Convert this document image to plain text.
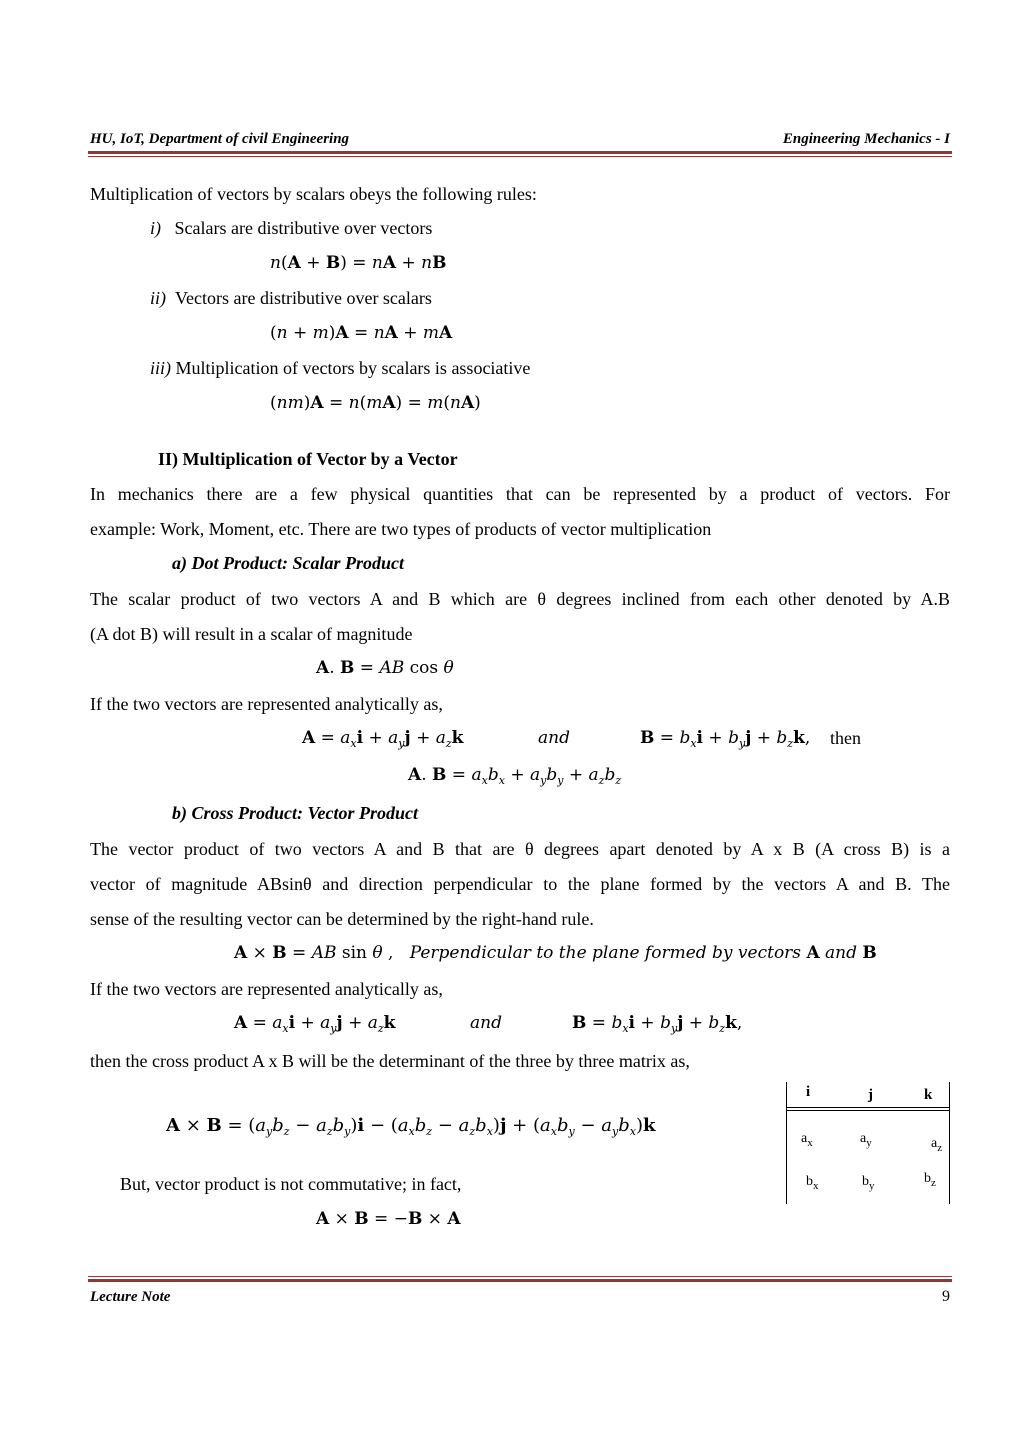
HU, IoT, Department of civil Engineering	Engineering Mechanics - I
Multiplication of vectors by scalars obeys the following rules:
i) Scalars are distributive over vectors
n(A + B) = nA + nB
ii) Vectors are distributive over scalars
(n + m)A = nA + mA
iii) Multiplication of vectors by scalars is associative
(nm)A = n(mA) = m(nA)
II) Multiplication of Vector by a Vector
In mechanics there are a few physical quantities that can be represented by a product of vectors. For
example: Work, Moment, etc. There are two types of products of vector multiplication
a) Dot Product: Scalar Product
The scalar product of two vectors A and B which are θ degrees inclined from each other denoted by A.B
(A dot B) will result in a scalar of magnitude
A. B = AB cos θ
If the two vectors are represented analytically as,
$A = a_xi + a_yj + a_zk$	and	$B = b_xi + b_yj + b_zk$, then
A. $B = a_xb_x + a_yb_y + a_zb_z$
b) Cross Product: Vector Product
The vector product of two vectors A and B that are θ degrees apart denoted by A x B (A cross B) is a
vector of magnitude ABsinθ and direction perpendicular to the plane formed by the vectors A and B. The
sense of the resulting vector can be determined by the right-hand rule.
A × B = AB sin θ ,   Perpendicular to the plane formed by vectors A and B
If the two vectors are represented analytically as,
$A = a_xi + a_yj + a_zk$	and	$B = b_xi + b_yj + b_zk$,
then the cross product A x B will be the determinant of the three by three matrix as,
$A \times B = (a_yb_z - a_zb_y)i - (a_xb_z - a_zb_x)j + (a_xb_y - a_yb_x)k$
i	j	k
$a_x$	$a_y$	$a_z$
$b_x$	$b_y$	$b_z$
But, vector product is not commutative; in fact,
A × B = −B × A
Lecture Note	9
